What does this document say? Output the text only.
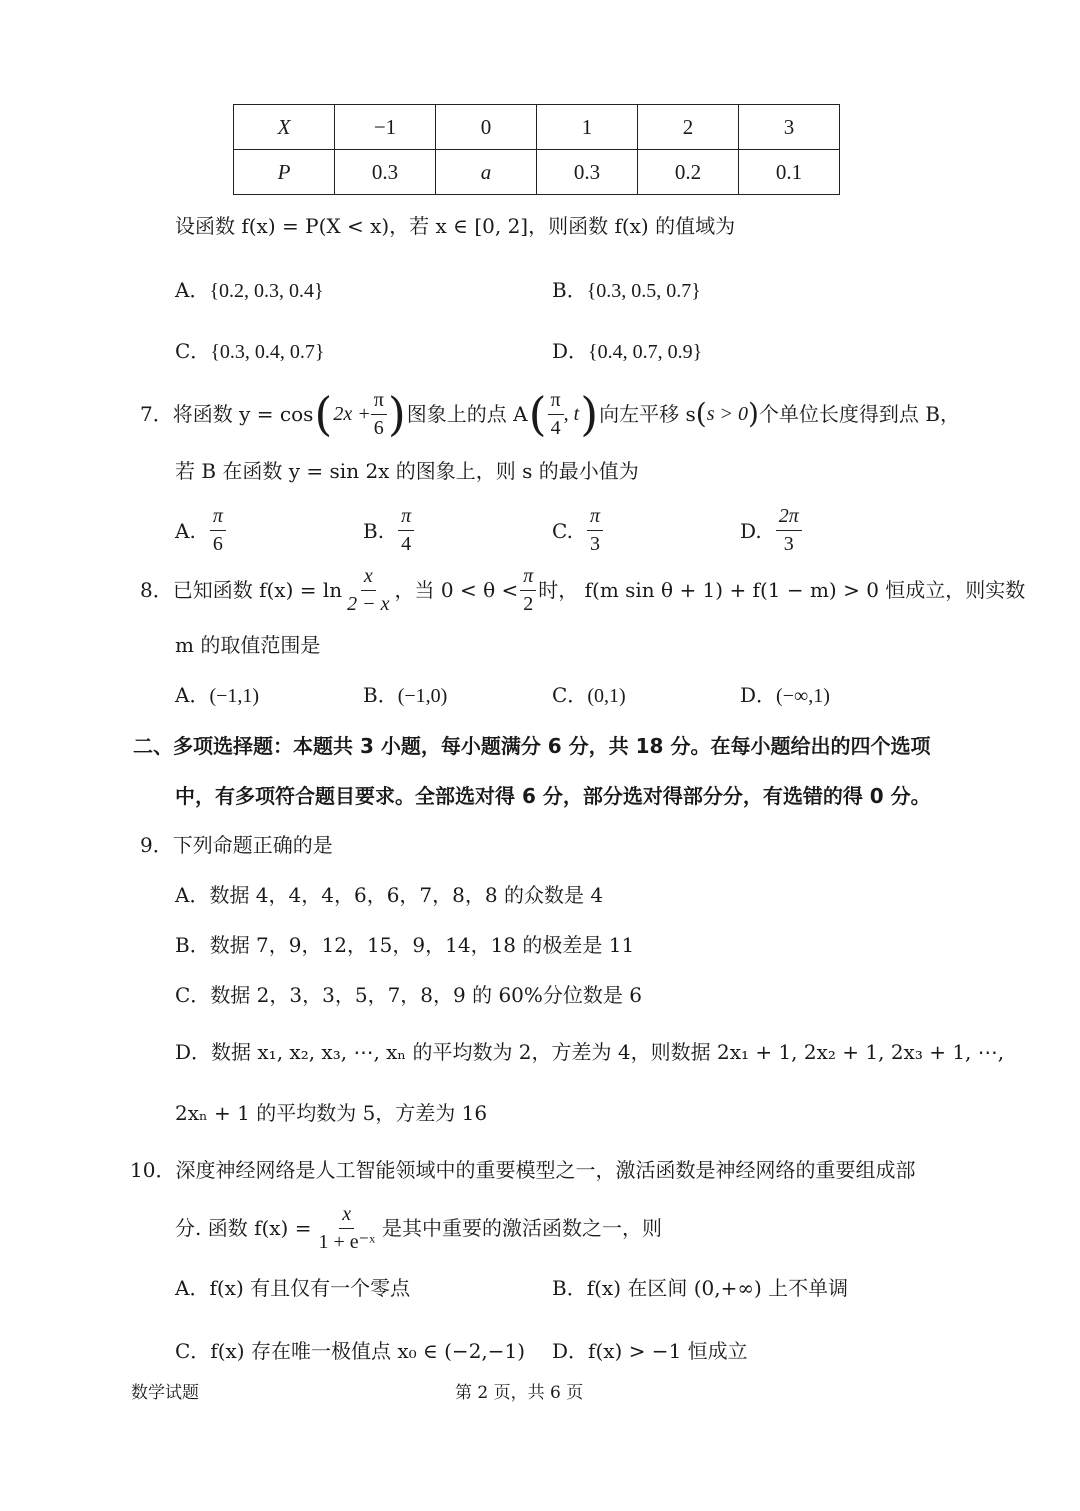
X	−1	0	1	2	3
P	0.3	a	0.3	0.2	0.1
设函数 f(x) = P(X < x)，若 x ∈ [0, 2]，则函数 f(x) 的值域为
A．{0.2, 0.3, 0.4}	B．{0.3, 0.5, 0.7}
C．{0.3, 0.4, 0.7}	D．{0.4, 0.7, 0.9}
7． 将函数 y = cos ( $2x + \frac{\pi}{6}$ ) 图象上的点 A ( $\frac{\pi}{4}$ , t ) 向左平移 s ( s > 0 ) 个单位长度得到点 B，
若 B 在函数 y = sin 2x 的图象上，则 s 的最小值为
A. $\frac{\pi}{6}$	B. $\frac{\pi}{4}$	C. $\frac{\pi}{3}$	D. $\frac{2\pi}{3}$
8． 已知函数 $f(x) = \ln \frac{x}{2 - x}$ ，当 $0 < \theta < \frac{\pi}{2}$ 时， f(m sin θ + 1) + f(1 − m) > 0 恒成立，则实数
m 的取值范围是
A．(−1,1)	B．(−1,0)	C．(0,1)	D．(−∞,1)
二、多项选择题：本题共 3 小题，每小题满分 6 分，共 18 分。在每小题给出的四个选项
中，有多项符合题目要求。全部选对得 6 分，部分选对得部分分，有选错的得 0 分。
9．下列命题正确的是
A．数据 4，4，4，6，6，7，8，8 的众数是 4
B．数据 7，9，12，15，9，14，18 的极差是 11
C．数据 2，3，3，5，7，8，9 的 60%分位数是 6
D．数据 x₁, x₂, x₃, ⋯, xₙ 的平均数为 2，方差为 4，则数据 2x₁ + 1, 2x₂ + 1, 2x₃ + 1, ⋯,
2xₙ + 1 的平均数为 5，方差为 16
10．深度神经网络是人工智能领域中的重要模型之一，激活函数是神经网络的重要组成部
分. 函数 $f(x) = \frac{x}{\text{1 + e⁻ˣ}}$ 是其中重要的激活函数之一，则
A．f(x) 有且仅有一个零点	B．f(x) 在区间 (0,+∞) 上不单调
C．f(x) 存在唯一极值点 x₀ ∈ (−2,−1) D．f(x) > −1 恒成立
数学试题	第 2 页，共 6 页
